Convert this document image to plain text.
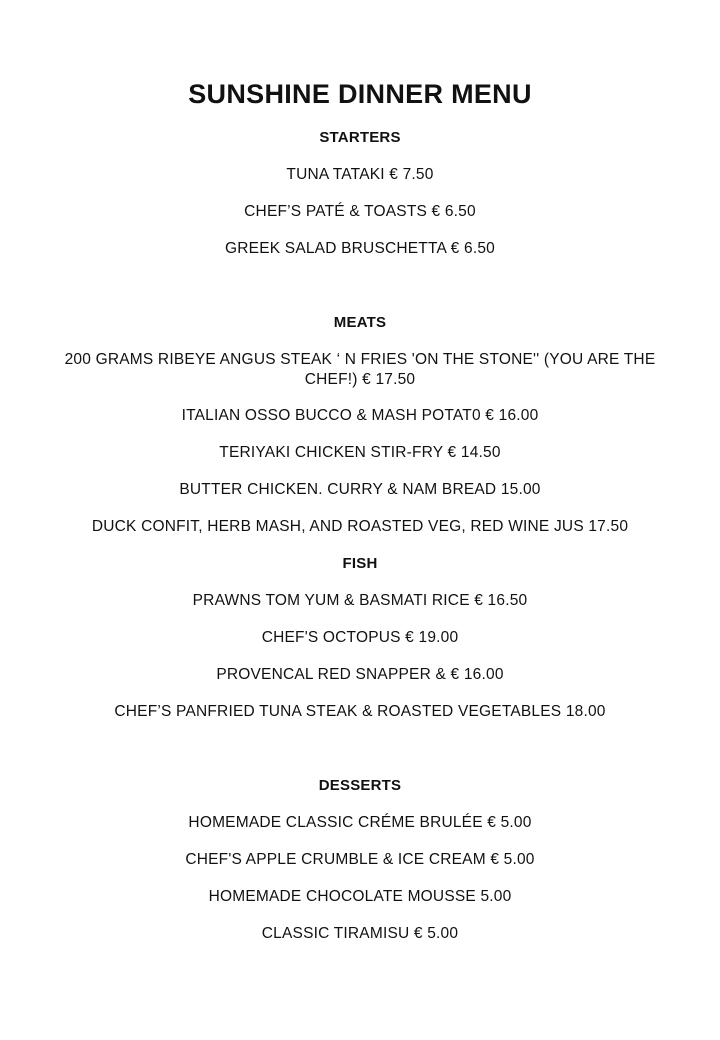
SUNSHINE DINNER MENU
STARTERS
TUNA TATAKI € 7.50
CHEF’S PATÉ & TOASTS € 6.50
GREEK SALAD BRUSCHETTA € 6.50
MEATS
200 GRAMS RIBEYE ANGUS STEAK ‘ N FRIES 'ON THE STONE'' (YOU ARE THE CHEF!) € 17.50
ITALIAN OSSO BUCCO & MASH POTAT0 € 16.00
TERIYAKI CHICKEN STIR-FRY € 14.50
BUTTER CHICKEN. CURRY & NAM BREAD 15.00
DUCK CONFIT, HERB MASH, AND ROASTED VEG, RED WINE JUS 17.50
FISH
PRAWNS TOM YUM & BASMATI RICE € 16.50
CHEF'S OCTOPUS € 19.00
PROVENCAL RED SNAPPER & € 16.00
CHEF’S PANFRIED TUNA STEAK & ROASTED VEGETABLES 18.00
DESSERTS
HOMEMADE CLASSIC CRÉME BRULÉE € 5.00
CHEF'S APPLE CRUMBLE & ICE CREAM € 5.00
HOMEMADE CHOCOLATE MOUSSE 5.00
CLASSIC TIRAMISU € 5.00
